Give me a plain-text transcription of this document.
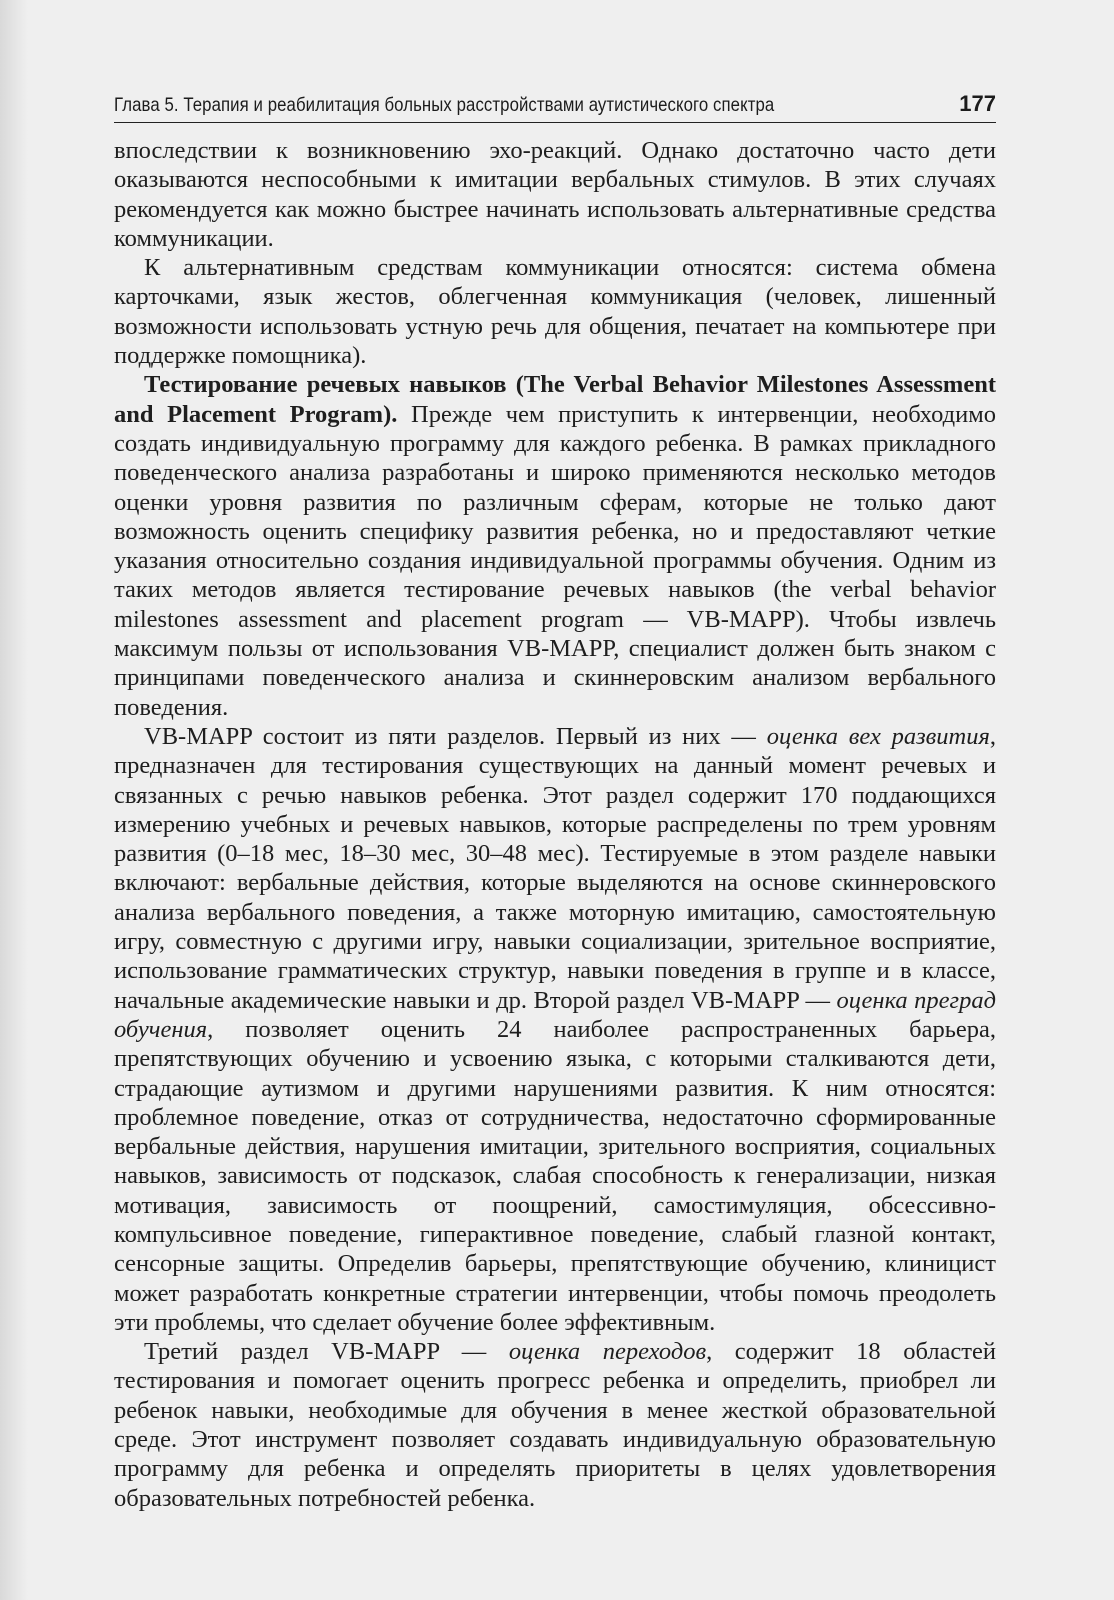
Глава 5. Терапия и реабилитация больных расстройствами аутистического спектра	177

впоследствии к возникновению эхо-реакций. Однако достаточно часто дети оказываются неспособными к имитации вербальных стимулов. В этих случаях рекомендуется как можно быстрее начинать использовать альтернативные средства коммуникации.

К альтернативным средствам коммуникации относятся: система обмена карточками, язык жестов, облегченная коммуникация (человек, лишенный возможности использовать устную речь для общения, печатает на компьютере при поддержке помощника).

Тестирование речевых навыков (The Verbal Behavior Milestones Assessment and Placement Program). Прежде чем приступить к интервенции, необходимо создать индивидуальную программу для каждого ребенка. В рамках прикладного поведенческого анализа разработаны и широко применяются несколько методов оценки уровня развития по различным сферам, которые не только дают возможность оценить специфику развития ребенка, но и предоставляют четкие указания относительно создания индивидуальной программы обучения. Одним из таких методов является тестирование речевых навыков (the verbal behavior milestones assessment and placement program — VB-MAPP). Чтобы извлечь максимум пользы от использования VB-MAPP, специалист должен быть знаком с принципами поведенческого анализа и скиннеровским анализом вербального поведения.

VB-MAPP состоит из пяти разделов. Первый из них — оценка вех развития, предназначен для тестирования существующих на данный момент речевых и связанных с речью навыков ребенка. Этот раздел содержит 170 поддающихся измерению учебных и речевых навыков, которые распределены по трем уровням развития (0–18 мес, 18–30 мес, 30–48 мес). Тестируемые в этом разделе навыки включают: вербальные действия, которые выделяются на основе скиннеровского анализа вербального поведения, а также моторную имитацию, самостоятельную игру, совместную с другими игру, навыки социализации, зрительное восприятие, использование грамматических структур, навыки поведения в группе и в классе, начальные академические навыки и др. Второй раздел VB-MAPP — оценка преград обучения, позволяет оценить 24 наиболее распространенных барьера, препятствующих обучению и усвоению языка, с которыми сталкиваются дети, страдающие аутизмом и другими нарушениями развития. К ним относятся: проблемное поведение, отказ от сотрудничества, недостаточно сформированные вербальные действия, нарушения имитации, зрительного восприятия, социальных навыков, зависимость от подсказок, слабая способность к генерализации, низкая мотивация, зависимость от поощрений, самостимуляция, обсессивно-компульсивное поведение, гиперактивное поведение, слабый глазной контакт, сенсорные защиты. Определив барьеры, препятствующие обучению, клиницист может разработать конкретные стратегии интервенции, чтобы помочь преодолеть эти проблемы, что сделает обучение более эффективным.

Третий раздел VB-MAPP — оценка переходов, содержит 18 областей тестирования и помогает оценить прогресс ребенка и определить, приобрел ли ребенок навыки, необходимые для обучения в менее жесткой образовательной среде. Этот инструмент позволяет создавать индивидуальную образовательную программу для ребенка и определять приоритеты в целях удовлетворения образовательных потребностей ребенка.
